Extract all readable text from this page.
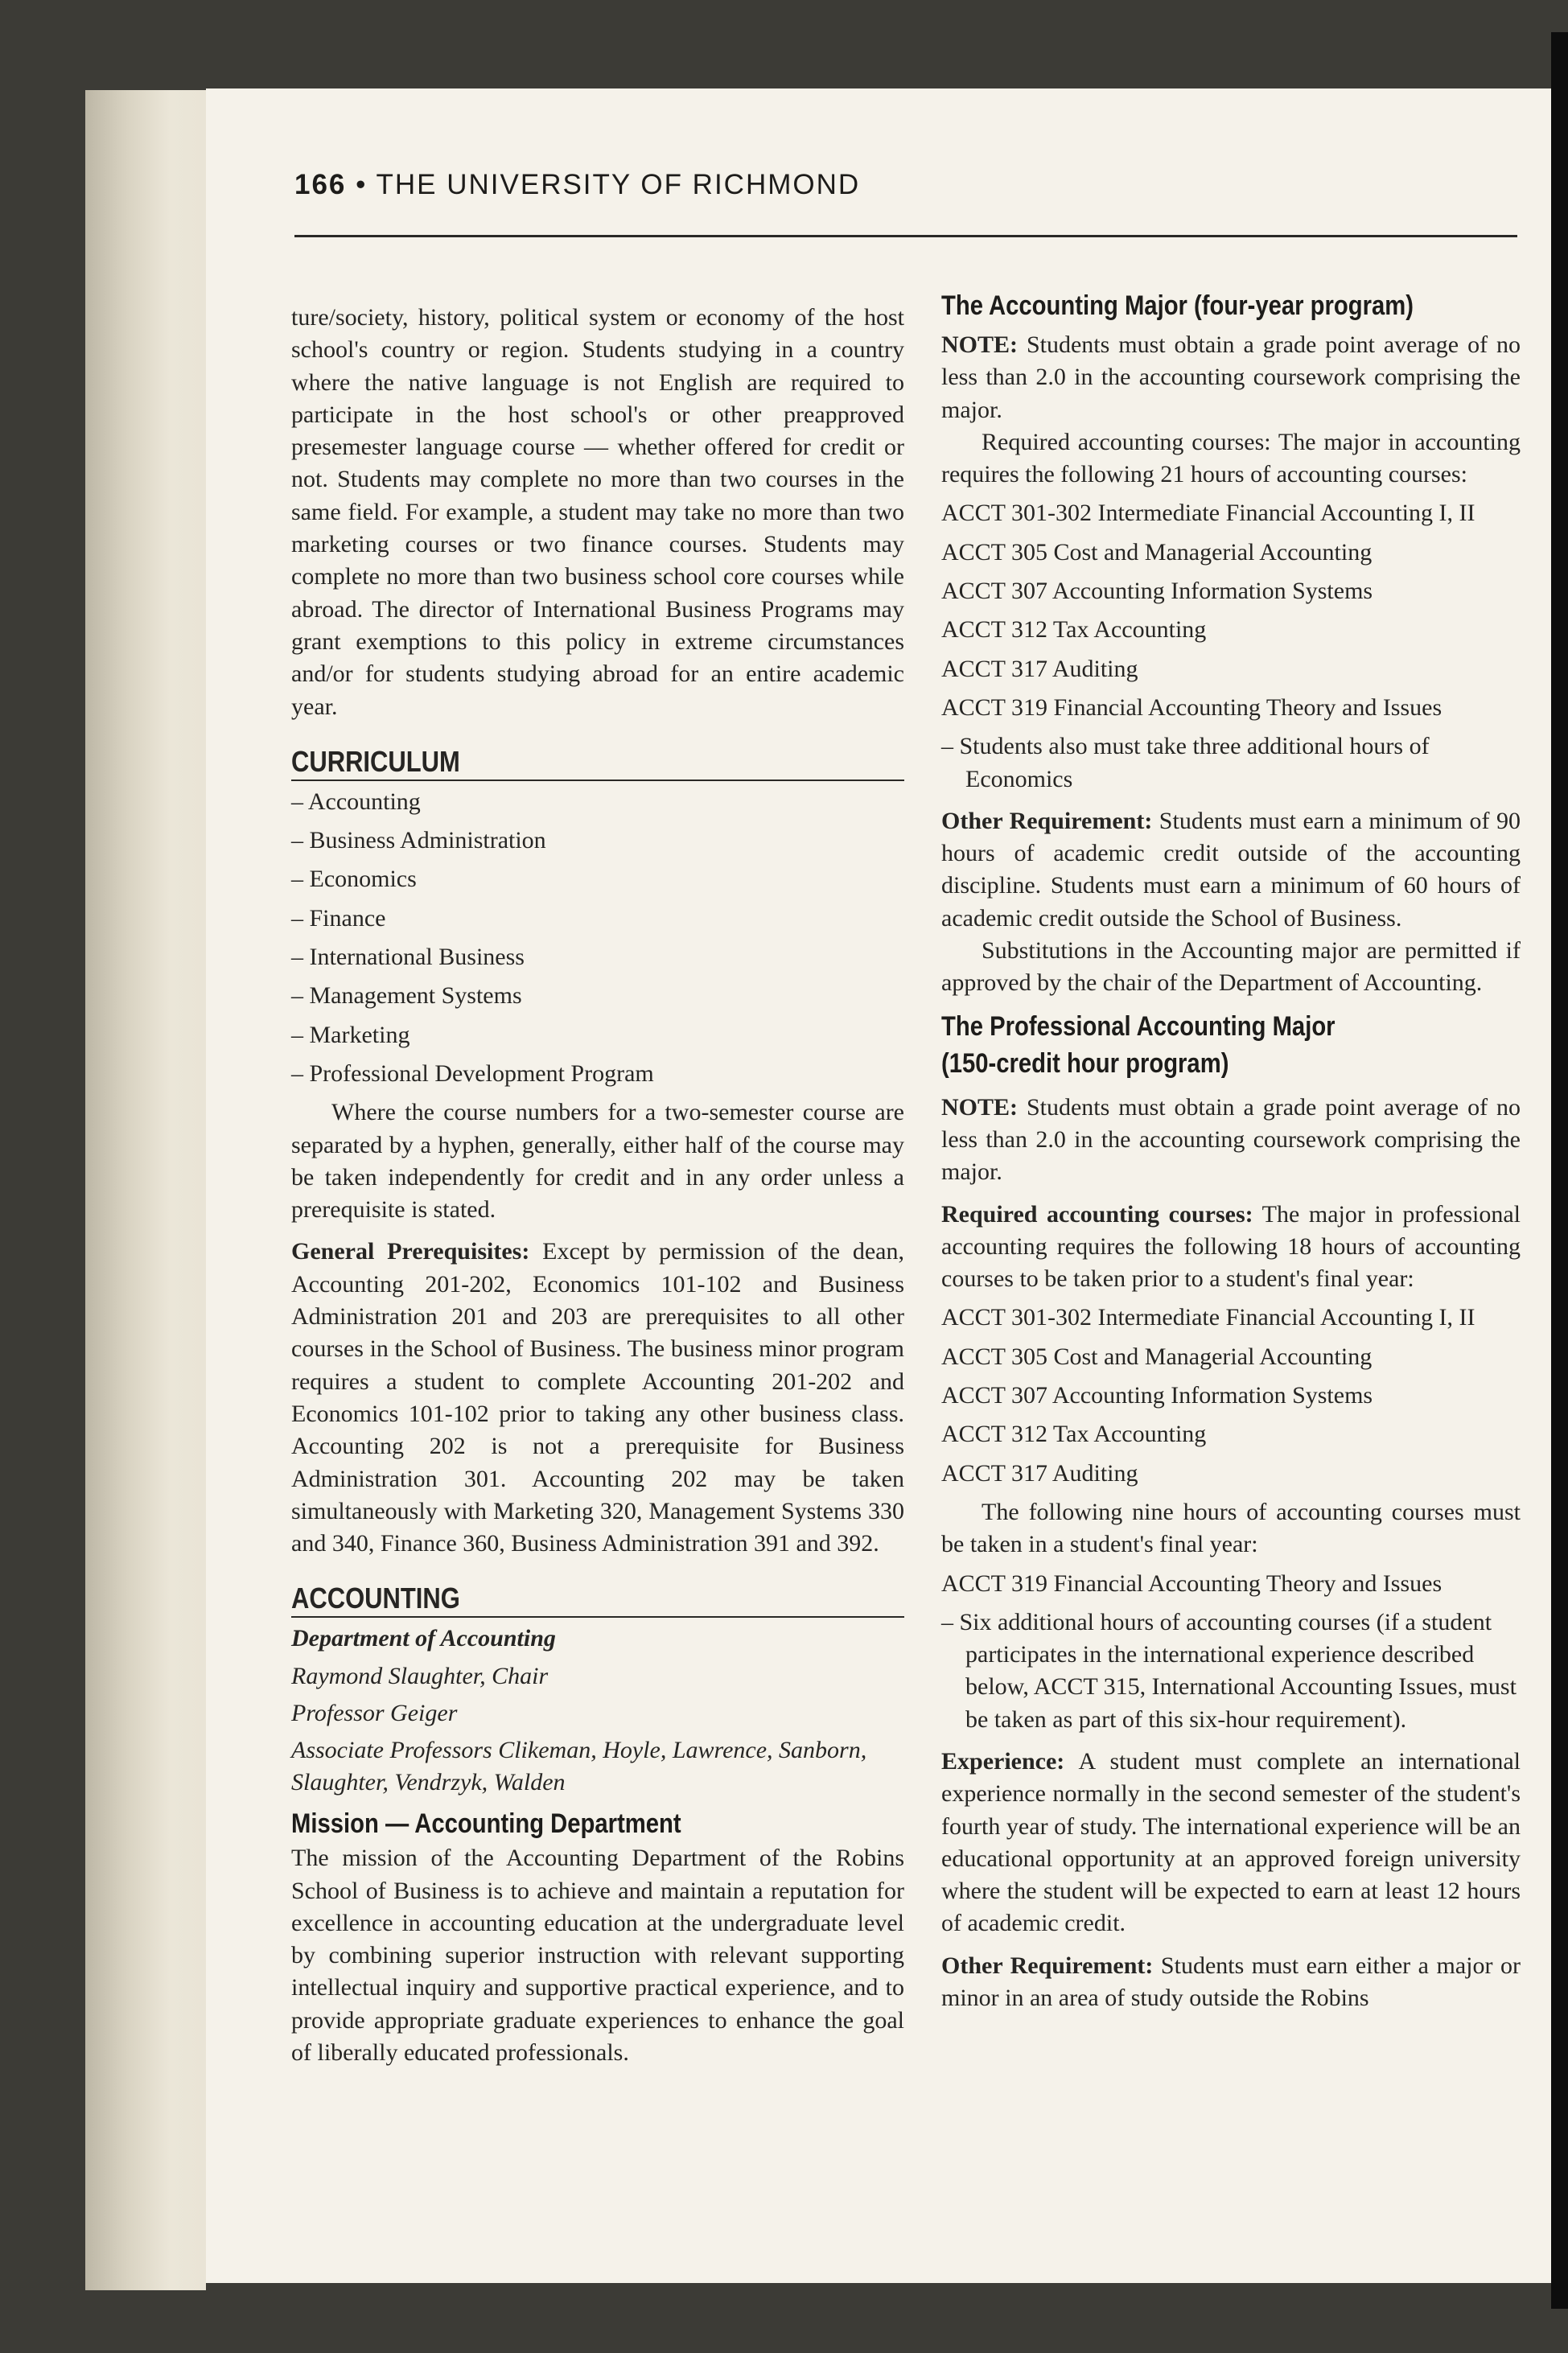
166 • THE UNIVERSITY OF RICHMOND

ture/society, history, political system or economy of the host school's country or region. Students studying in a country where the native language is not English are required to participate in the host school's or other preapproved presemester language course — whether offered for credit or not. Students may complete no more than two courses in the same field. For example, a student may take no more than two marketing courses or two finance courses. Students may complete no more than two business school core courses while abroad. The director of International Business Programs may grant exemptions to this policy in extreme circumstances and/or for students studying abroad for an entire academic year.

CURRICULUM
– Accounting
– Business Administration
– Economics
– Finance
– International Business
– Management Systems
– Marketing
– Professional Development Program

Where the course numbers for a two-semester course are separated by a hyphen, generally, either half of the course may be taken independently for credit and in any order unless a prerequisite is stated.

General Prerequisites: Except by permission of the dean, Accounting 201-202, Economics 101-102 and Business Administration 201 and 203 are prerequisites to all other courses in the School of Business. The business minor program requires a student to complete Accounting 201-202 and Economics 101-102 prior to taking any other business class. Accounting 202 is not a prerequisite for Business Administration 301. Accounting 202 may be taken simultaneously with Marketing 320, Management Systems 330 and 340, Finance 360, Business Administration 391 and 392.

ACCOUNTING
Department of Accounting
Raymond Slaughter, Chair
Professor Geiger
Associate Professors Clikeman, Hoyle, Lawrence, Sanborn, Slaughter, Vendrzyk, Walden
Mission — Accounting Department

The mission of the Accounting Department of the Robins School of Business is to achieve and maintain a reputation for excellence in accounting education at the undergraduate level by combining superior instruction with relevant supporting intellectual inquiry and supportive practical experience, and to provide appropriate graduate experiences to enhance the goal of liberally educated professionals.

The Accounting Major (four-year program)

NOTE: Students must obtain a grade point average of no less than 2.0 in the accounting coursework comprising the major.

Required accounting courses: The major in accounting requires the following 21 hours of accounting courses:

ACCT 301-302 Intermediate Financial Accounting I, II
ACCT 305 Cost and Managerial Accounting
ACCT 307 Accounting Information Systems
ACCT 312 Tax Accounting
ACCT 317 Auditing
ACCT 319 Financial Accounting Theory and Issues
– Students also must take three additional hours of Economics

Other Requirement: Students must earn a minimum of 90 hours of academic credit outside of the accounting discipline. Students must earn a minimum of 60 hours of academic credit outside the School of Business.

Substitutions in the Accounting major are permitted if approved by the chair of the Department of Accounting.

The Professional Accounting Major
(150-credit hour program)

NOTE: Students must obtain a grade point average of no less than 2.0 in the accounting coursework comprising the major.

Required accounting courses: The major in professional accounting requires the following 18 hours of accounting courses to be taken prior to a student's final year:

ACCT 301-302 Intermediate Financial Accounting I, II
ACCT 305 Cost and Managerial Accounting
ACCT 307 Accounting Information Systems
ACCT 312 Tax Accounting
ACCT 317 Auditing

The following nine hours of accounting courses must be taken in a student's final year:

ACCT 319 Financial Accounting Theory and Issues
– Six additional hours of accounting courses (if a student participates in the international experience described below, ACCT 315, International Accounting Issues, must be taken as part of this six-hour requirement).

Experience: A student must complete an international experience normally in the second semester of the student's fourth year of study. The international experience will be an educational opportunity at an approved foreign university where the student will be expected to earn at least 12 hours of academic credit.

Other Requirement: Students must earn either a major or minor in an area of study outside the Robins
